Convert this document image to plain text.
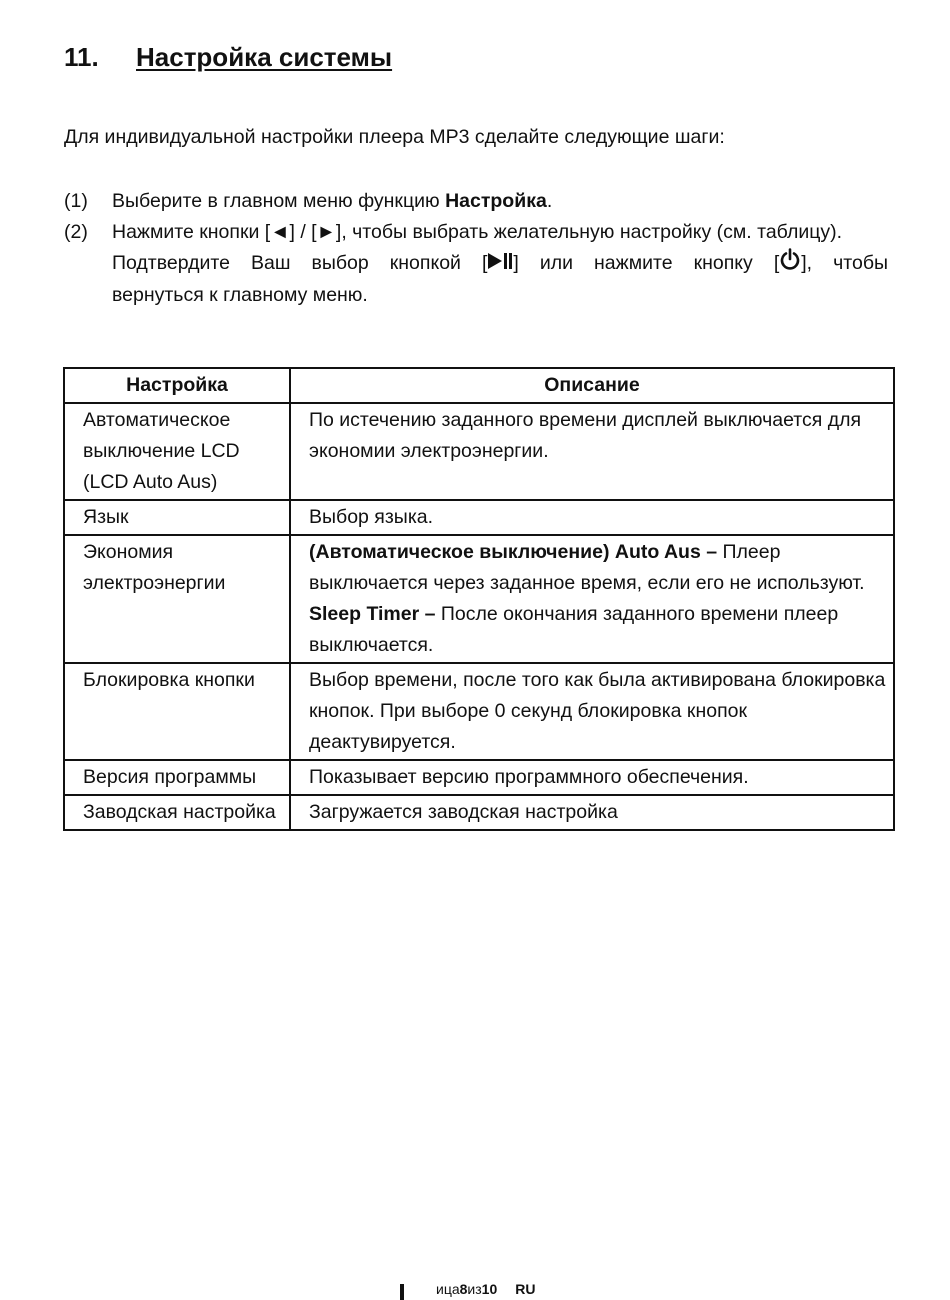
11. Настройка системы
Для индивидуальной настройки плеера MP3 сделайте следующие шаги:
(1)	Выберите в главном меню функцию Настройка.
(2)	Нажмите кнопки [◄] / [►], чтобы выбрать желательную настройку (см. таблицу).
Подтвердите Ваш выбор кнопкой [ ] или нажмите кнопку [ ], чтобы
вернуться к главному меню.
Настройка	Описание
Автоматическое выключение LCD (LCD Auto Aus)	По истечению заданного времени дисплей выключается для экономии электроэнергии.
Язык	Выбор языка.
Экономия электроэнергии	(Автоматическое выключение) Auto Aus – Плеер выключается через заданное время, если его не используют.
Sleep Timer – После окончания заданного времени плеер выключается.

Блокировка кнопки	Выбор времени, после того как была активирована блокировка кнопок. При выборе 0 секунд блокировка кнопок деактувируется.
Версия программы	Показывает версию программного обеспечения.
Заводская настройка	Загружается заводская настройка
ица 8 из 10 RU
